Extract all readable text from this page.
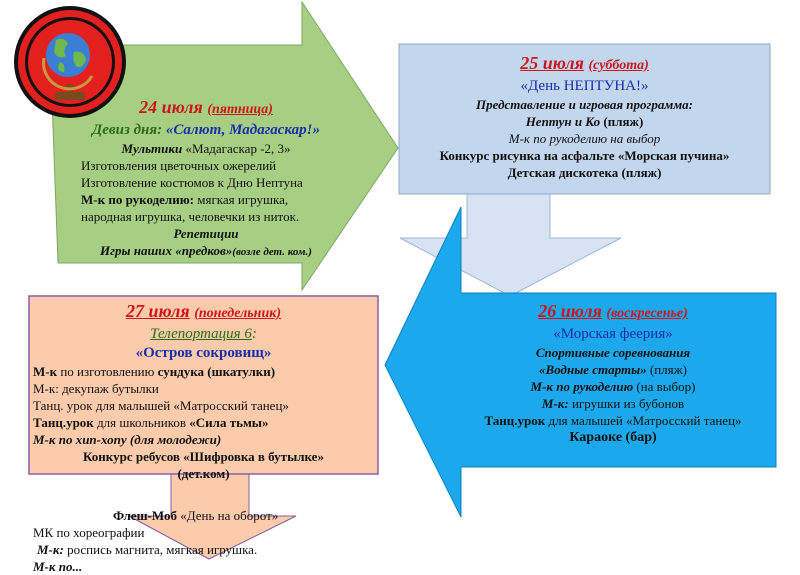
24 июля (пятница)
Девиз дня: «Салют, Мадагаскар!»
Мультики «Мадагаскар -2, 3»
Изготовления цветочных ожерелий
Изготовление костюмов к Дню Нептуна
М-к по рукоделию: мягкая игрушка,
народная игрушка, человечки из ниток.
Репетиции
Игры наших «предков»(возле дет. ком.)
25 июля (суббота)
«День НЕПТУНА!»
Представление и игровая программа:
Нептун и Ко (пляж)
М-к по рукоделию на выбор
Конкурс рисунка на асфальте «Морская пучина»
Детская дискотека (пляж)
26 июля (воскресенье)
«Морская феерия»
Спортивные соревнования
«Водные старты» (пляж)
М-к по рукоделию (на выбор)
М-к: игрушки из бубонов
Танц.урок для малышей «Матросский танец»
Караоке (бар)
27 июля (понедельник)
Телепортация 6:
«Остров сокровищ»
М-к по изготовлению сундука (шкатулки)
М-к: декупаж бутылки
Танц. урок для малышей «Матросский танец»
Танц.урок для школьников «Сила тьмы»
М-к по хип-хопу (для молодежи)
Конкурс ребусов «Шифровка в бутылке»
(дет.ком)
Флеш-Моб «День на оборот»
МК по хореографии
М-к: роспись магнита, мягкая игрушка.
М-к по...
